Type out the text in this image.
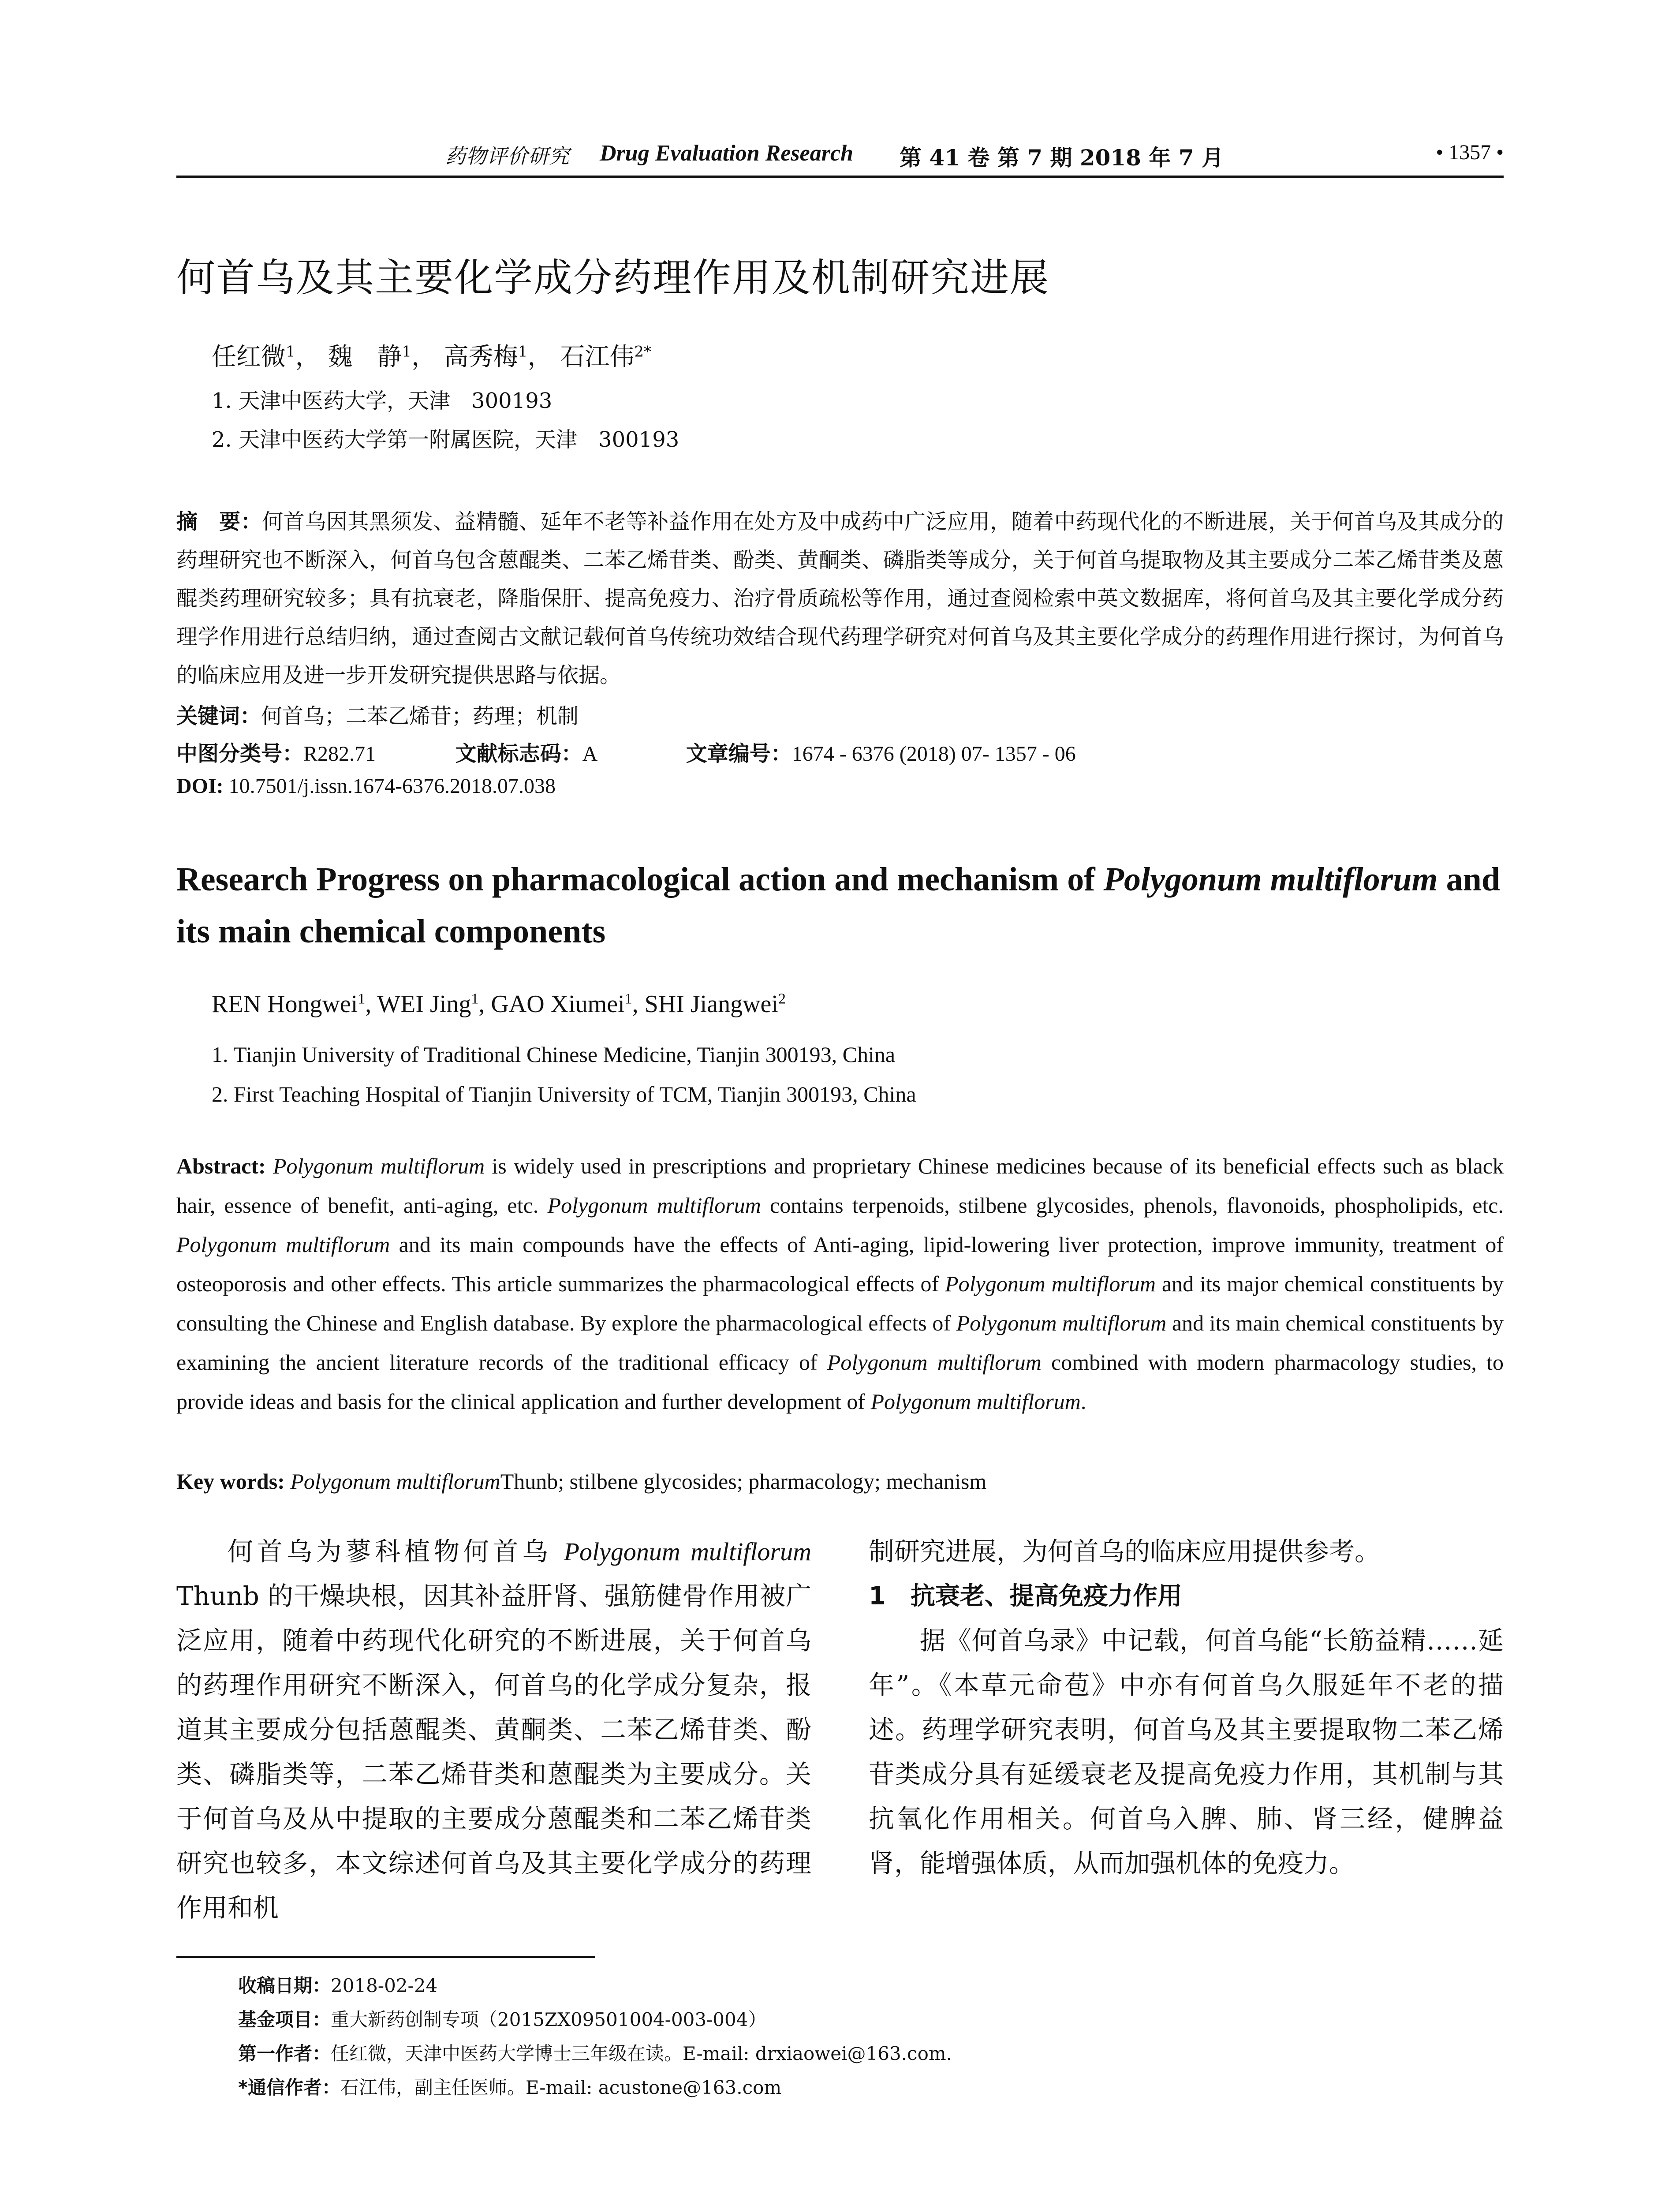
药物评价研究 Drug Evaluation Research 第 41 卷 第 7 期 2018 年 7 月	• 1357 •
何首乌及其主要化学成分药理作用及机制研究进展
任红微$^1$， 魏　静$^1$， 高秀梅$^1$， 石江伟$^{2*}$
1. 天津中医药大学，天津　300193
2. 天津中医药大学第一附属医院，天津　300193
摘　要：何首乌因其黑须发、益精髓、延年不老等补益作用在处方及中成药中广泛应用，随着中药现代化的不断进展，关于何首乌及其成分的药理研究也不断深入，何首乌包含蒽醌类、二苯乙烯苷类、酚类、黄酮类、磷脂类等成分，关于何首乌提取物及其主要成分二苯乙烯苷类及蒽醌类药理研究较多；具有抗衰老，降脂保肝、提高免疫力、治疗骨质疏松等作用，通过查阅检索中英文数据库，将何首乌及其主要化学成分药理学作用进行总结归纳，通过查阅古文献记载何首乌传统功效结合现代药理学研究对何首乌及其主要化学成分的药理作用进行探讨，为何首乌的临床应用及进一步开发研究提供思路与依据。
关键词：何首乌；二苯乙烯苷；药理；机制
中图分类号：R282.71	文献标志码：A	文章编号：1674 - 6376 (2018) 07- 1357 - 06
DOI: 10.7501/j.issn.1674-6376.2018.07.038
Research Progress on pharmacological action and mechanism of Polygonum multiflorum and its main chemical components
REN Hongwei$^1$, WEI Jing$^1$, GAO Xiumei$^1$, SHI Jiangwei$^2$
1. Tianjin University of Traditional Chinese Medicine, Tianjin 300193, China
2. First Teaching Hospital of Tianjin University of TCM, Tianjin 300193, China
Abstract: Polygonum multiflorum is widely used in prescriptions and proprietary Chinese medicines because of its beneficial effects such as black hair, essence of benefit, anti-aging, etc. Polygonum multiflorum contains terpenoids, stilbene glycosides, phenols, flavonoids, phospholipids, etc. Polygonum multiflorum and its main compounds have the effects of Anti-aging, lipid-lowering liver protection, improve immunity, treatment of osteoporosis and other effects. This article summarizes the pharmacological effects of Polygonum multiflorum and its major chemical constituents by consulting the Chinese and English database. By explore the pharmacological effects of Polygonum multiflorum and its main chemical constituents by examining the ancient literature records of the traditional efficacy of Polygonum multiflorum combined with modern pharmacology studies, to provide ideas and basis for the clinical application and further development of Polygonum multiflorum.
Key words: Polygonum multiflorumThunb; stilbene glycosides; pharmacology; mechanism
何首乌为蓼科植物何首乌 Polygonum multiflorum Thunb 的干燥块根，因其补益肝肾、强筋健骨作用被广泛应用，随着中药现代化研究的不断进展，关于何首乌的药理作用研究不断深入，何首乌的化学成分复杂，报道其主要成分包括蒽醌类、黄酮类、二苯乙烯苷类、酚类、磷脂类等，二苯乙烯苷类和蒽醌类为主要成分。关于何首乌及从中提取的主要成分蒽醌类和二苯乙烯苷类研究也较多，本文综述何首乌及其主要化学成分的药理作用和机
制研究进展，为何首乌的临床应用提供参考。
1　抗衰老、提高免疫力作用
据《何首乌录》中记载，何首乌能“长筋益精……延年”。《本草元命苞》中亦有何首乌久服延年不老的描述。药理学研究表明，何首乌及其主要提取物二苯乙烯苷类成分具有延缓衰老及提高免疫力作用，其机制与其抗氧化作用相关。何首乌入脾、肺、肾三经，健脾益肾，能增强体质，从而加强机体的免疫力。
收稿日期：2018-02-24
基金项目：重大新药创制专项（2015ZX09501004-003-004）
第一作者：任红微，天津中医药大学博士三年级在读。E-mail: drxiaowei@163.com.
*通信作者：石江伟，副主任医师。E-mail: acustone@163.com
